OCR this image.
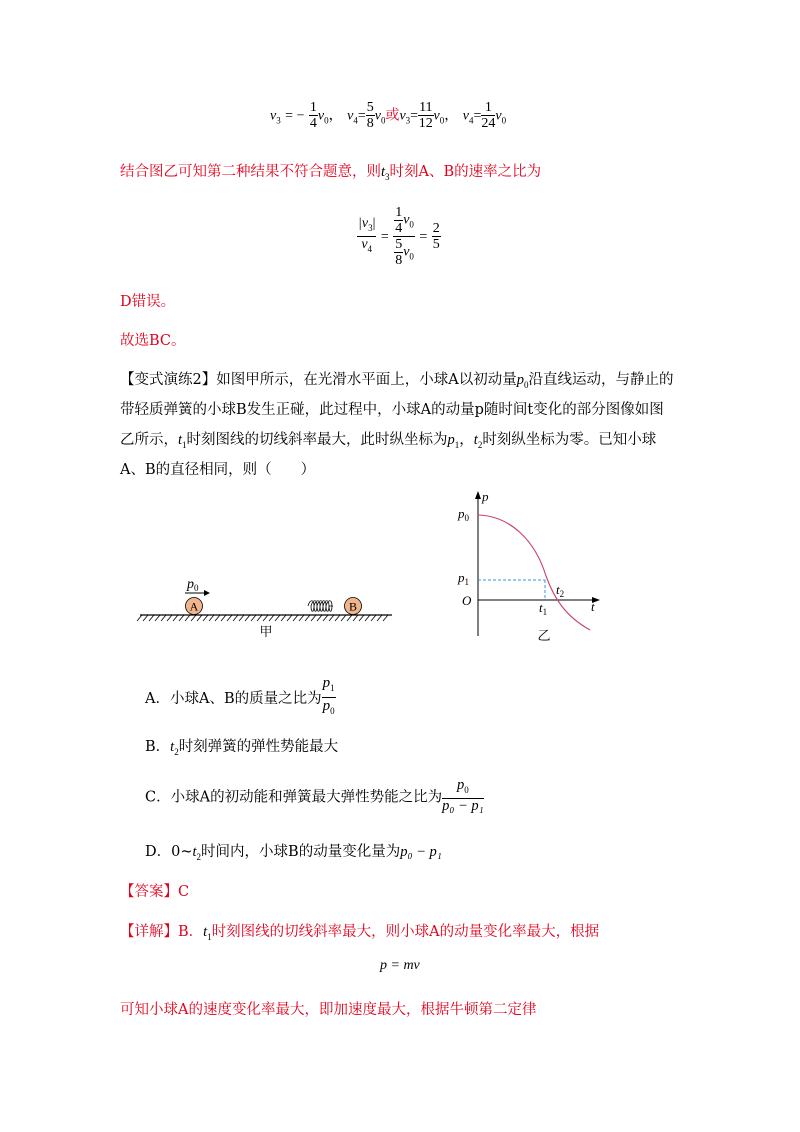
$v_3$ = − $\frac{1}{4} v_0$， $v_4= \frac{5}{8} v_0$或$v_3= \frac{11}{12} v_0$， $v_4= \frac{1}{24} v_0$
结合图乙可知第二种结果不符合题意，则$t_3$时刻A、B的速率之比为
$\frac{|v_3|}{v_4} = \frac{\frac{1}{4} v_0}{\frac{5}{8} v_0} = \frac{2}{5}$
D错误。
故选BC。
【变式演练2】如图甲所示，在光滑水平面上，小球A以初动量$p_0$沿直线运动，与静止的
带轻质弹簧的小球B发生正碰，此过程中，小球A的动量p随时间t变化的部分图像如图
乙所示，$t_1$时刻图线的切线斜率最大，此时纵坐标为$p_1$，$t_2$时刻纵坐标为零。已知小球
A、B的直径相同，则（　　）
$p_0$
A	B
甲
p
t
O
$p_0$
$p_1$
$t_1$
$t_2$
乙
A．小球A、B的质量之比为 $\frac{p_1}{p_0}$
B．$t_2$时刻弹簧的弹性势能最大
C．小球A的初动能和弹簧最大弹性势能之比为 $\frac{p_0}{\text{p₀ − p₁}}$
D．$0\sim t_2$时间内，小球B的动量变化量为p₀ − p₁
【答案】C
【详解】B．$t_1$时刻图线的切线斜率最大，则小球A的动量变化率最大，根据
p = mv
可知小球A的速度变化率最大，即加速度最大，根据牛顿第二定律
